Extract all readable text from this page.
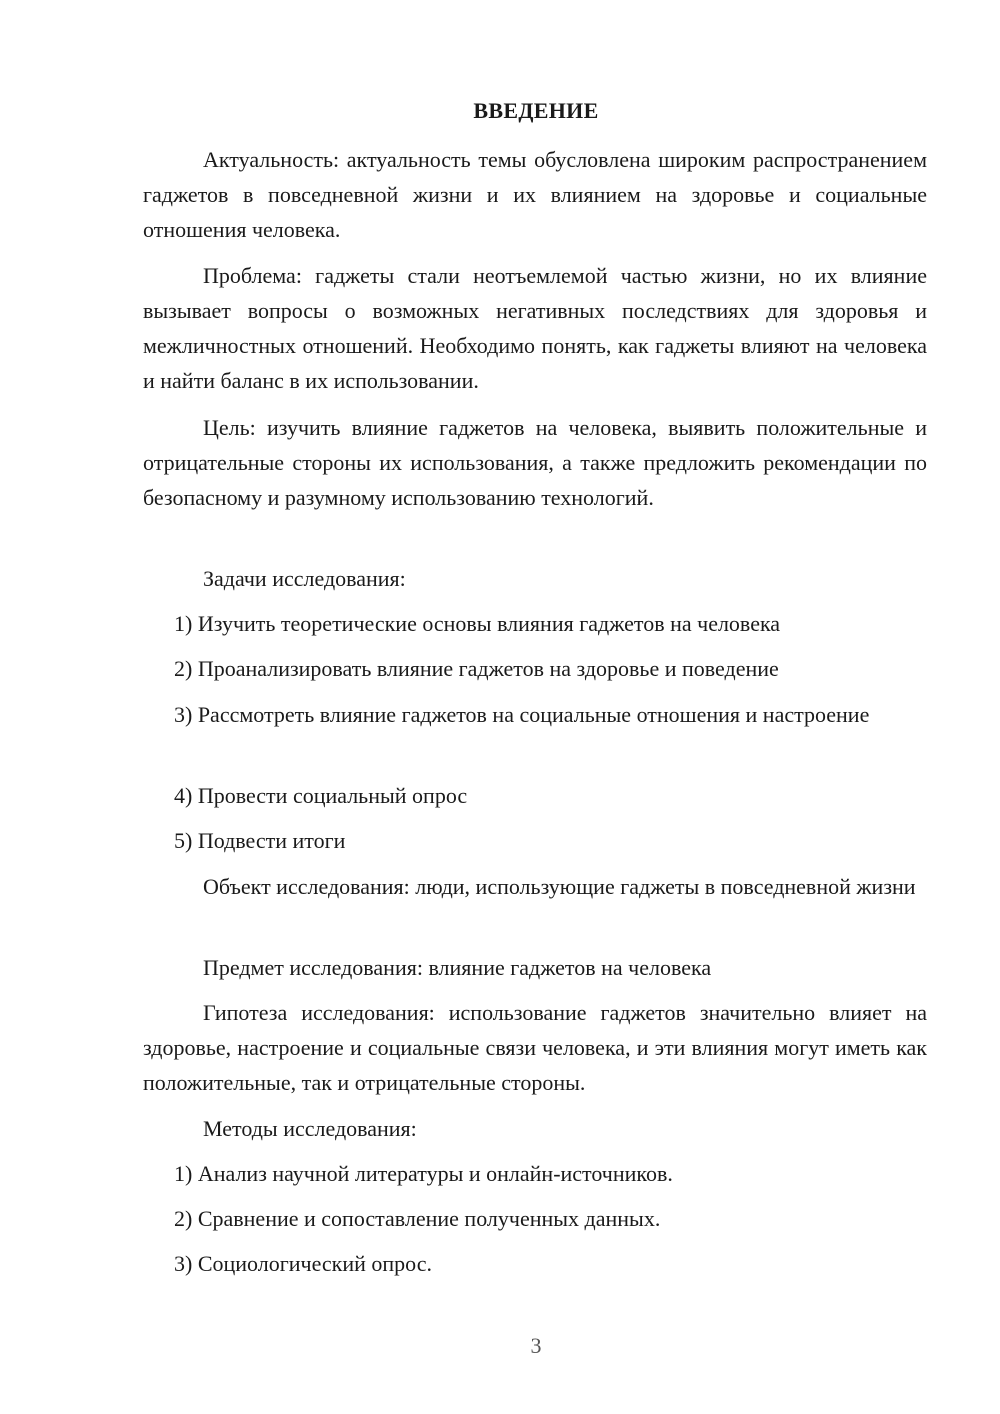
ВВЕДЕНИЕ

Актуальность: актуальность темы обусловлена широким распространением гаджетов в повседневной жизни и их влиянием на здоровье и социальные отношения человека.

Проблема: гаджеты стали неотъемлемой частью жизни, но их влияние вызывает вопросы о возможных негативных последствиях для здоровья и межличностных отношений. Необходимо понять, как гаджеты влияют на человека и найти баланс в их использовании.

Цель: изучить влияние гаджетов на человека, выявить положительные и отрицательные стороны их использования, а также предложить рекомендации по безопасному и разумному использованию технологий.

Задачи исследования:

1) Изучить теоретические основы влияния гаджетов на человека

2) Проанализировать влияние гаджетов на здоровье и поведение

3) Рассмотреть влияние гаджетов на социальные отношения и настроение

4) Провести социальный опрос

5) Подвести итоги

Объект исследования: люди, использующие гаджеты в повседневной жизни

Предмет исследования: влияние гаджетов на человека

Гипотеза исследования: использование гаджетов значительно влияет на здоровье, настроение и социальные связи человека, и эти влияния могут иметь как положительные, так и отрицательные стороны.

Методы исследования:

1) Анализ научной литературы и онлайн-источников.

2) Сравнение и сопоставление полученных данных.

3) Социологический опрос.

3
